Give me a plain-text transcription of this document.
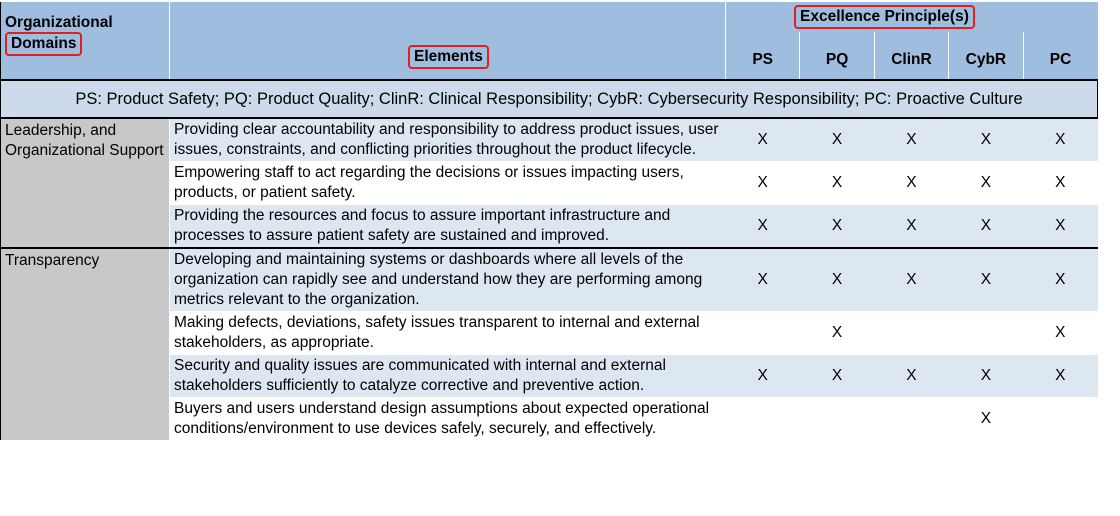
Organizational		Excellence Principle(s)				
Domains	Elements	PS	PQ	ClinR	CybR	PC
PS: Product Safety; PQ: Product Quality; ClinR: Clinical Responsibility; CybR: Cybersecurity Responsibility; PC: Proactive Culture						
Leadership, and Organizational Support	Providing clear accountability and responsibility to address product issues, user issues, constraints, and conflicting priorities throughout the product lifecycle.	X	X	X	X	X
	Empowering staff to act regarding the decisions or issues impacting users, products, or patient safety.	X	X	X	X	X
	Providing the resources and focus to assure important infrastructure and processes to assure patient safety are sustained and improved.	X	X	X	X	X
Transparency	Developing and maintaining systems or dashboards where all levels of the organization can rapidly see and understand how they are performing among metrics relevant to the organization.	X	X	X	X	X
	Making defects, deviations, safety issues transparent to internal and external stakeholders, as appropriate.		X			X
	Security and quality issues are communicated with internal and external stakeholders sufficiently to catalyze corrective and preventive action.	X	X	X	X	X
	Buyers and users understand design assumptions about expected operational conditions/environment to use devices safely, securely, and effectively.				X	
